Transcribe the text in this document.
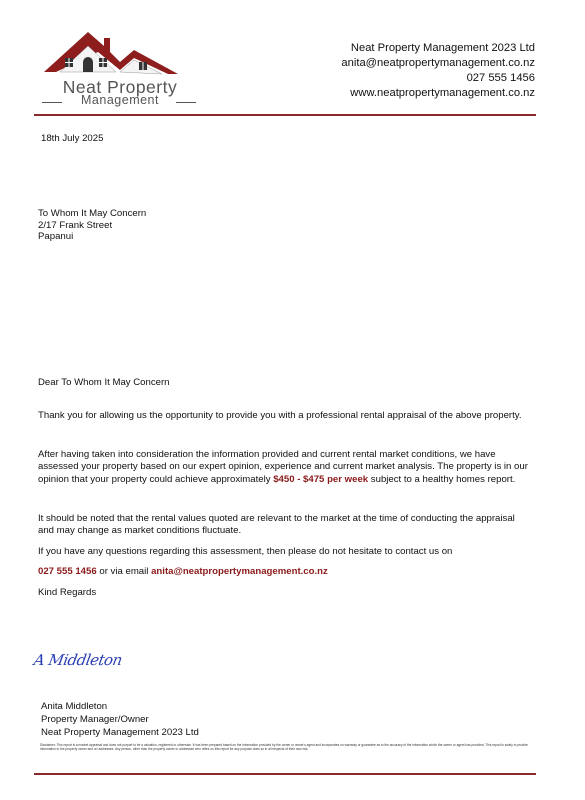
Neat Property
Management
Neat Property Management 2023 Ltd
anita@neatpropertymanagement.co.nz
027 555 1456
www.neatpropertymanagement.co.nz
18th July 2025
To Whom It May Concern
2/17 Frank Street
Papanui
Dear To Whom It May Concern
Thank you for allowing us the opportunity to provide you with a professional rental appraisal of the above property.
After having taken into consideration the information provided and current rental market conditions, we have assessed your property based on our expert opinion, experience and current market analysis. The property is in our opinion that your property could achieve approximately $450 - $475 per week subject to a healthy homes report.
It should be noted that the rental values quoted are relevant to the market at the time of conducting the appraisal and may change as market conditions fluctuate.
If you have any questions regarding this assessment, then please do not hesitate to contact us on
027 555 1456 or via email anita@neatpropertymanagement.co.nz
Kind Regards
A Middleton
Anita Middleton
Property Manager/Owner
Neat Property Management 2023 Ltd
Disclaimer: This report is a market appraisal and does not purport to be a valuation, registered or otherwise. It has been prepared based on the information provided by the owner or owner's agent and incorporates no warranty or guarantee as to the accuracy of the information which the owner or agent has provided. This report is solely to provide information to the property owner and or/ addressee. Any person, other than the property owner or addressee who relies on this report for any purpose does so in all respects of their own risk.
